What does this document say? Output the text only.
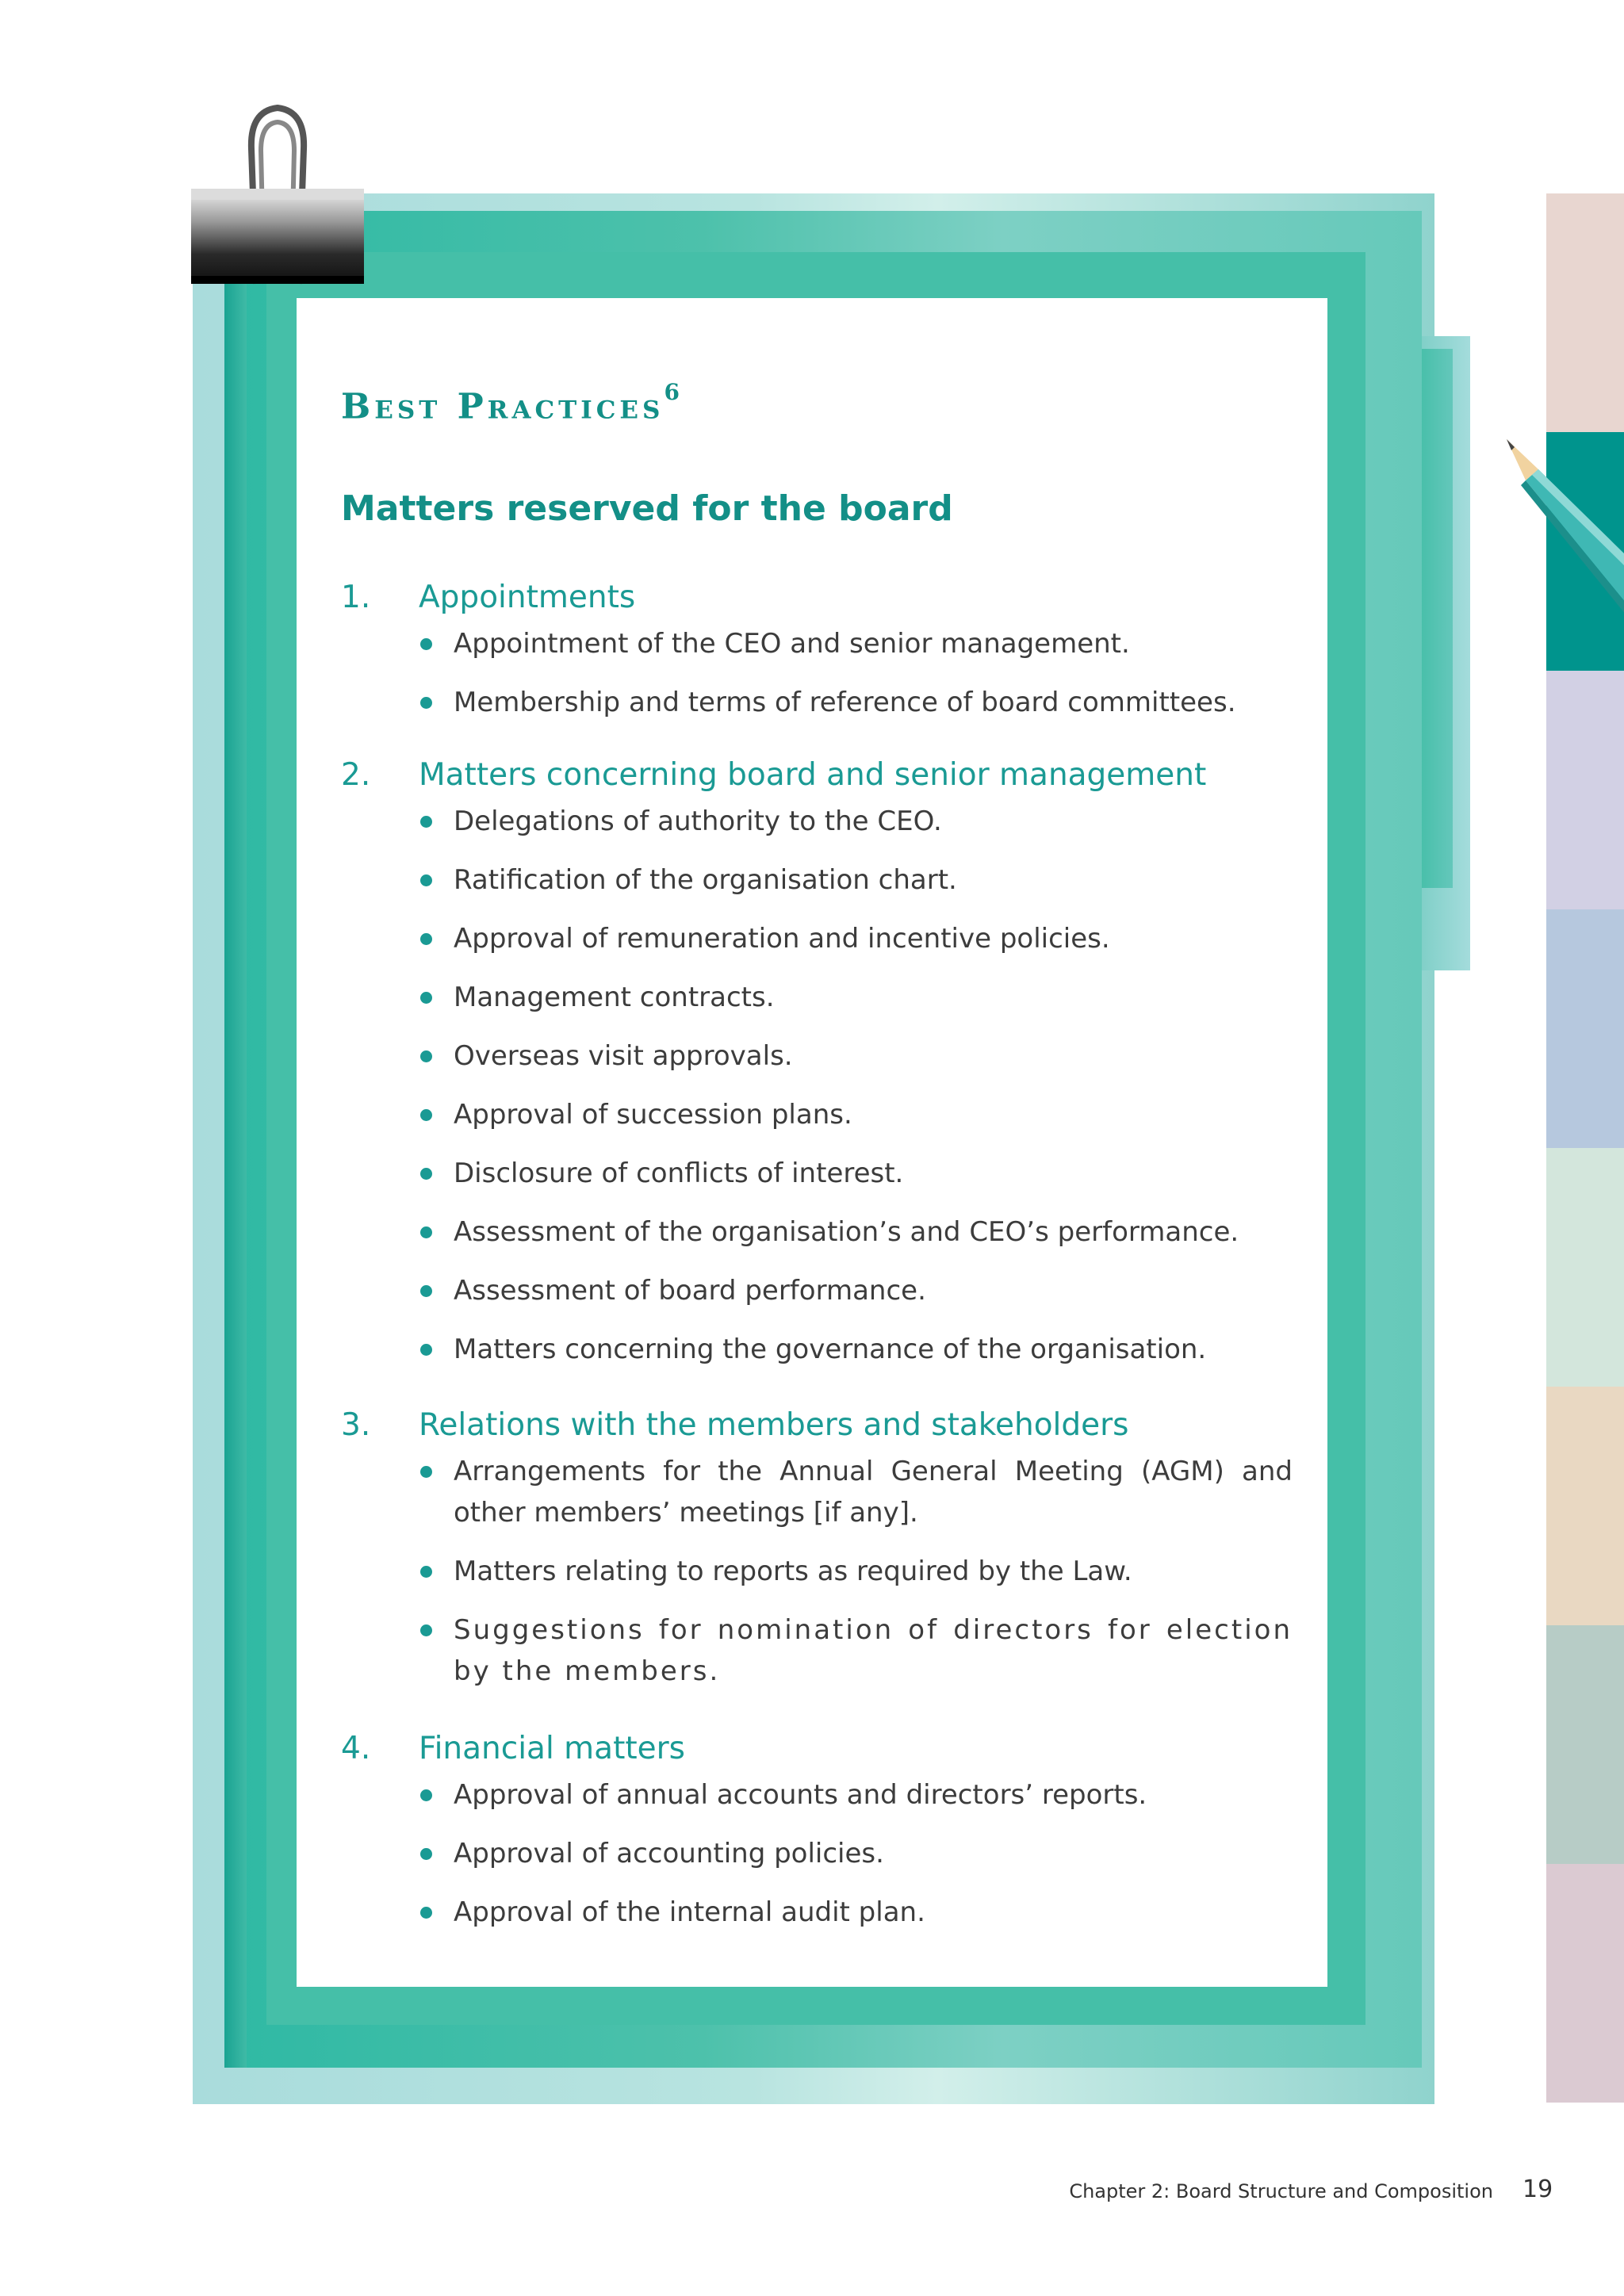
Best Practices$^6$
Matters reserved for the board
1.	Appointments
Appointment of the CEO and senior management.
Membership and terms of reference of board committees.
2.	Matters concerning board and senior management
Delegations of authority to the CEO.
Ratification of the organisation chart.
Approval of remuneration and incentive policies.
Management contracts.
Overseas visit approvals.
Approval of succession plans.
Disclosure of conflicts of interest.
Assessment of the organisation’s and CEO’s performance.
Assessment of board performance.
Matters concerning the governance of the organisation.
3.	Relations with the members and stakeholders
Arrangements for the Annual General Meeting (AGM) and other members’ meetings [if any].
Matters relating to reports as required by the Law.
Suggestions for nomination of directors for election by the members.
4.	Financial matters
Approval of annual accounts and directors’ reports.
Approval of accounting policies.
Approval of the internal audit plan.
Chapter 2: Board Structure and Composition 19
